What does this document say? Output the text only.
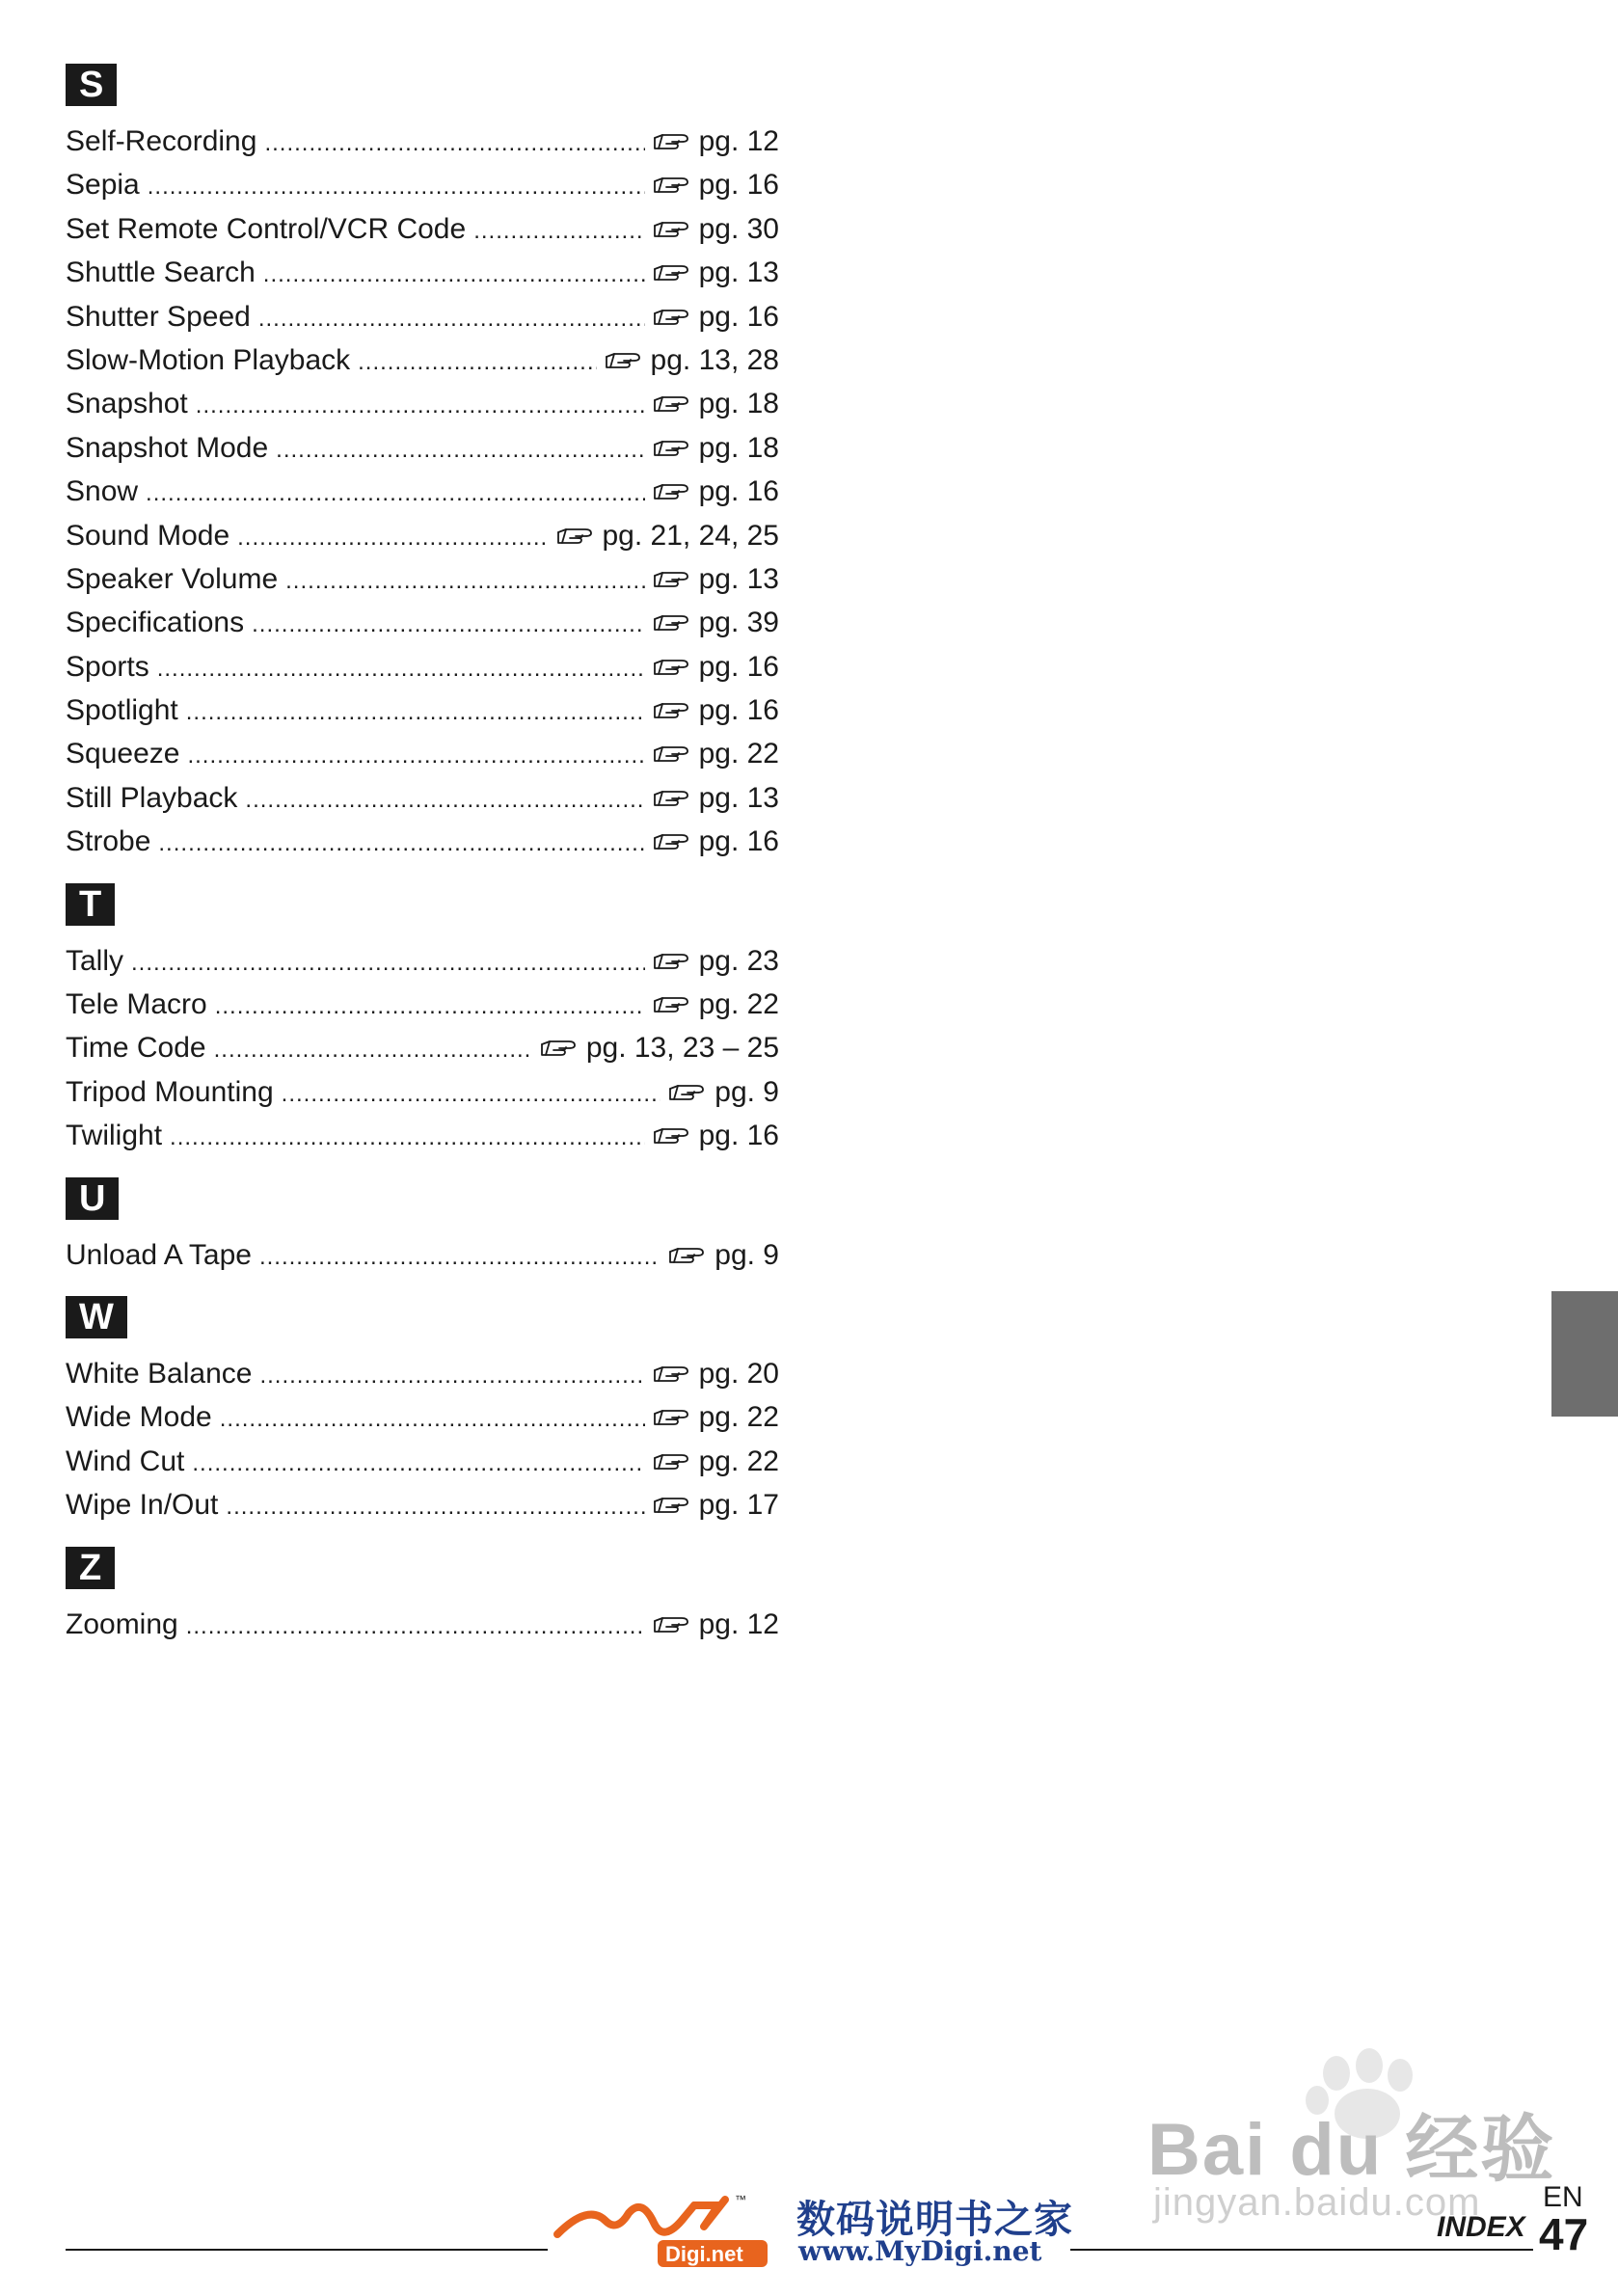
S
Self-Recording .....	pg. 12
Sepia .....	pg. 16
Set Remote Control/VCR Code .....	pg. 30
Shuttle Search .....	pg. 13
Shutter Speed .....	pg. 16
Slow-Motion Playback .....	pg. 13, 28
Snapshot .....	pg. 18
Snapshot Mode .....	pg. 18
Snow .....	pg. 16
Sound Mode .....	pg. 21, 24, 25
Speaker Volume .....	pg. 13
Specifications .....	pg. 39
Sports .....	pg. 16
Spotlight .....	pg. 16
Squeeze .....	pg. 22
Still Playback .....	pg. 13
Strobe .....	pg. 16
T
Tally .....	pg. 23
Tele Macro .....	pg. 22
Time Code .....	pg. 13, 23 – 25
Tripod Mounting .....	pg. 9
Twilight .....	pg. 16
U
Unload A Tape .....	pg. 9
W
White Balance .....	pg. 20
Wide Mode .....	pg. 22
Wind Cut .....	pg. 22
Wipe In/Out .....	pg. 17
Z
Zooming .....	pg. 12
Bai du 经验
jingyan.baidu.com
™
Digi.net
数码说明书之家
www.MyDigi.net
EN
INDEX 47
